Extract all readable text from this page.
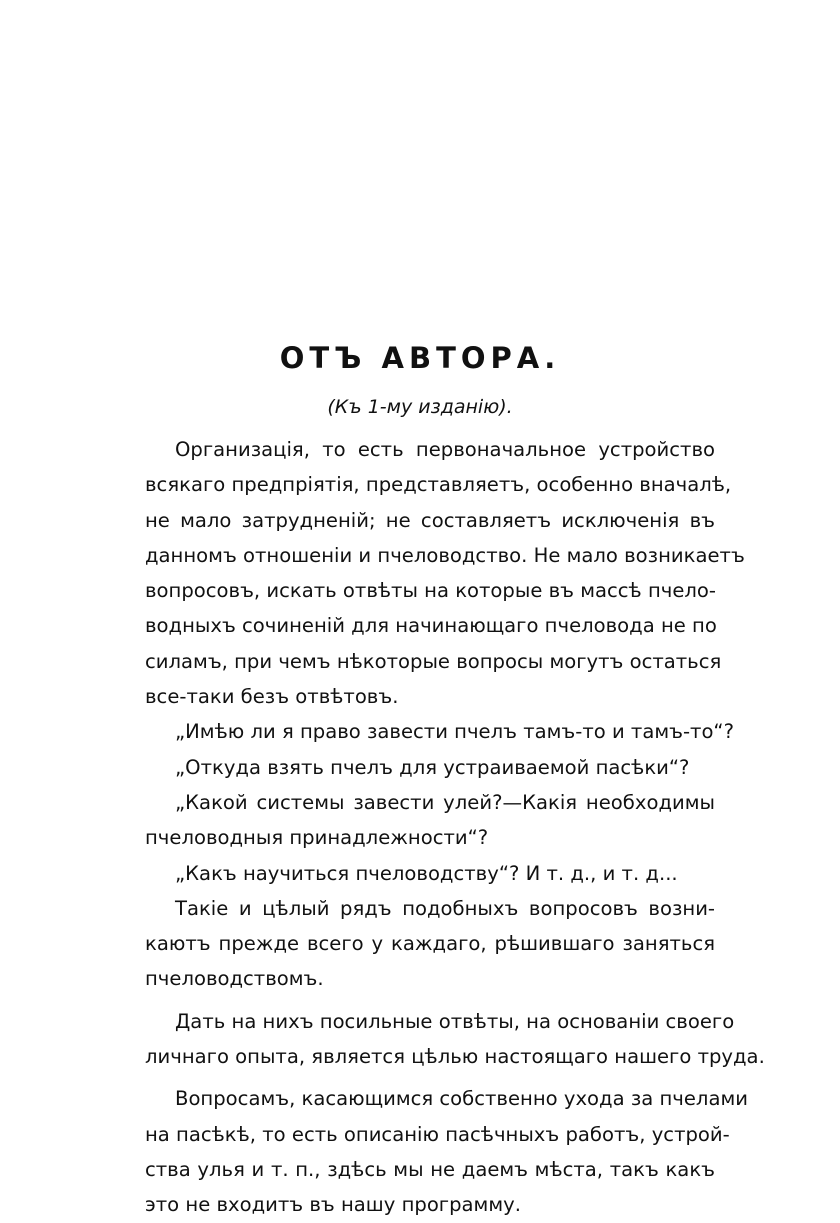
ОТЪ АВТОРА.
(Къ 1-му изданію).
Организація, то есть первоначальное устройство
всякаго предпріятія, представляетъ, особенно вначалѣ,
не мало затрудненій; не составляетъ исключенія въ
данномъ отношеніи и пчеловодство. Не мало возникаетъ
вопросовъ, искать отвѣты на которые въ массѣ пчело-
водныхъ сочиненій для начинающаго пчеловода не по
силамъ, при чемъ нѣкоторые вопросы могутъ остаться
все-таки безъ отвѣтовъ.
„Имѣю ли я право завести пчелъ тамъ-то и тамъ-то“?
„Откуда взять пчелъ для устраиваемой пасѣки“?
„Какой системы завести улей?—Какія необходимы
пчеловодныя принадлежности“?
„Какъ научиться пчеловодству“? И т. д., и т. д...
Такіе и цѣлый рядъ подобныхъ вопросовъ возни-
каютъ прежде всего у каждаго, рѣшившаго заняться
пчеловодствомъ.
Дать на нихъ посильные отвѣты, на основаніи своего
личнаго опыта, является цѣлью настоящаго нашего труда.
Вопросамъ, касающимся собственно ухода за пчелами
на пасѣкѣ, то есть описанію пасѣчныхъ работъ, устрой-
ства улья и т. п., здѣсь мы не даемъ мѣста, такъ какъ
это не входитъ въ нашу программу.
